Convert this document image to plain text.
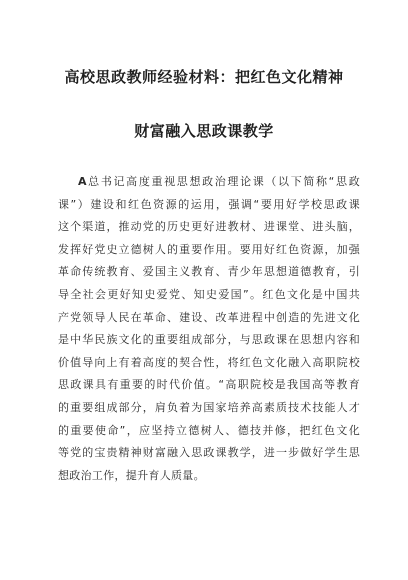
高校思政教师经验材料：把红色文化精神
财富融入思政课教学
A总书记高度重视思想政治理论课（以下简称“思政
课”）建设和红色资源的运用，强调“要用好学校思政课
这个渠道，推动党的历史更好进教材、进课堂、进头脑，
发挥好党史立德树人的重要作用。要用好红色资源，加强
革命传统教育、爱国主义教育、青少年思想道德教育，引
导全社会更好知史爱党、知史爱国”。红色文化是中国共
产党领导人民在革命、建设、改革进程中创造的先进文化
是中华民族文化的重要组成部分，与思政课在思想内容和
价值导向上有着高度的契合性，将红色文化融入高职院校
思政课具有重要的时代价值。“高职院校是我国高等教育
的重要组成部分，肩负着为国家培养高素质技术技能人才
的重要使命”，应坚持立德树人、德技并修，把红色文化
等党的宝贵精神财富融入思政课教学，进一步做好学生思
想政治工作，提升育人质量。
